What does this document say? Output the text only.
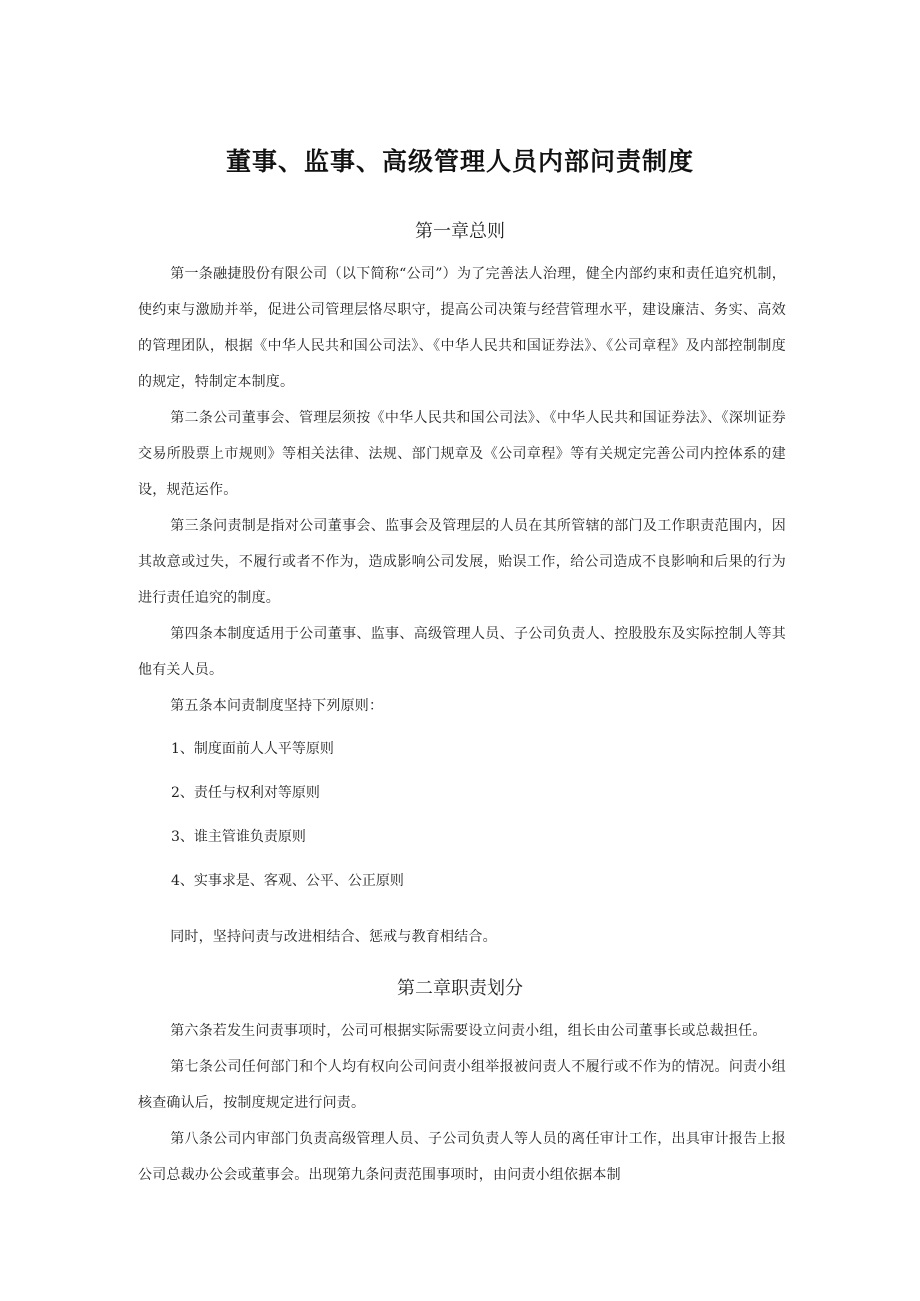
董事、监事、高级管理人员内部问责制度
第一章总则
第一条融捷股份有限公司（以下简称“公司”）为了完善法人治理，健全内部约束和责任追究机制，使约束与激励并举，促进公司管理层恪尽职守，提高公司决策与经营管理水平，建设廉洁、务实、高效的管理团队，根据《中华人民共和国公司法》、《中华人民共和国证券法》、《公司章程》及内部控制制度的规定，特制定本制度。
第二条公司董事会、管理层须按《中华人民共和国公司法》、《中华人民共和国证券法》、《深圳证券交易所股票上市规则》等相关法律、法规、部门规章及《公司章程》等有关规定完善公司内控体系的建设，规范运作。
第三条问责制是指对公司董事会、监事会及管理层的人员在其所管辖的部门及工作职责范围内，因其故意或过失，不履行或者不作为，造成影响公司发展，贻误工作，给公司造成不良影响和后果的行为进行责任追究的制度。
第四条本制度适用于公司董事、监事、高级管理人员、子公司负责人、控股股东及实际控制人等其他有关人员。
第五条本问责制度坚持下列原则：
1、制度面前人人平等原则
2、责任与权利对等原则
3、谁主管谁负责原则
4、实事求是、客观、公平、公正原则
同时，坚持问责与改进相结合、惩戒与教育相结合。
第二章职责划分
第六条若发生问责事项时，公司可根据实际需要设立问责小组，组长由公司董事长或总裁担任。
第七条公司任何部门和个人均有权向公司问责小组举报被问责人不履行或不作为的情况。问责小组核查确认后，按制度规定进行问责。
第八条公司内审部门负责高级管理人员、子公司负责人等人员的离任审计工作，出具审计报告上报公司总裁办公会或董事会。出现第九条问责范围事项时，由问责小组依据本制
